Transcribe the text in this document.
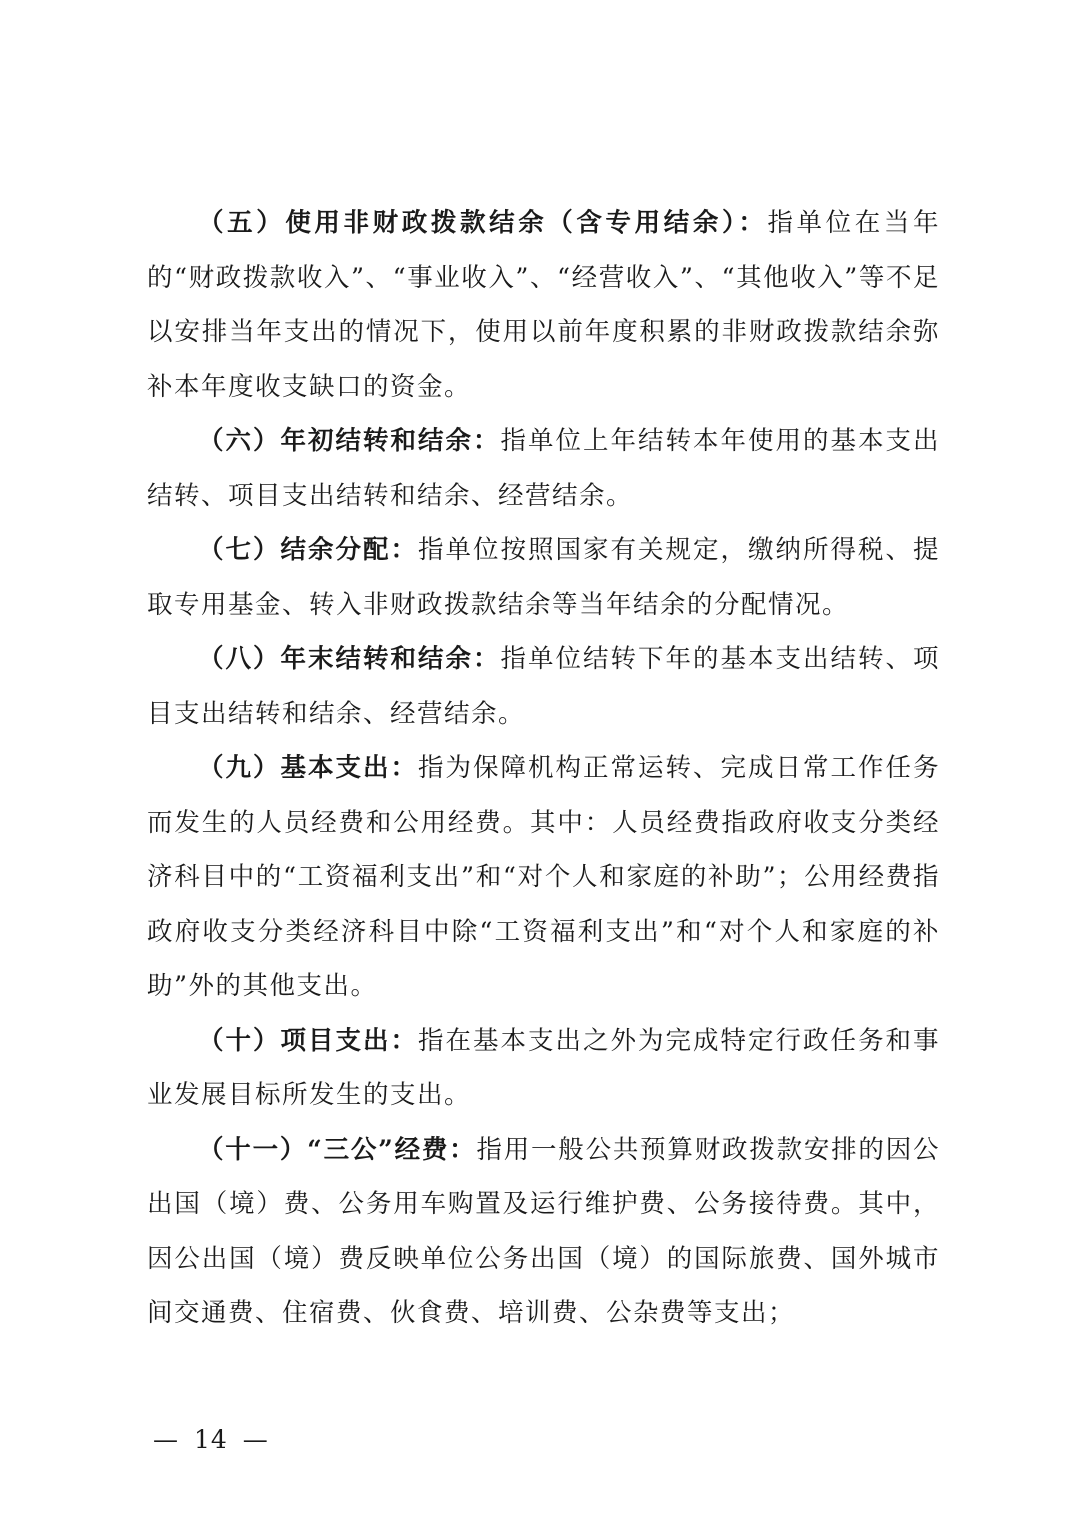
（五）使用非财政拨款结余（含专用结余）：指单位在当年的“财政拨款收入”、“事业收入”、“经营收入”、“其他收入”等不足以安排当年支出的情况下，使用以前年度积累的非财政拨款结余弥补本年度收支缺口的资金。

（六）年初结转和结余：指单位上年结转本年使用的基本支出结转、项目支出结转和结余、经营结余。

（七）结余分配：指单位按照国家有关规定，缴纳所得税、提取专用基金、转入非财政拨款结余等当年结余的分配情况。

（八）年末结转和结余：指单位结转下年的基本支出结转、项目支出结转和结余、经营结余。

（九）基本支出：指为保障机构正常运转、完成日常工作任务而发生的人员经费和公用经费。其中：人员经费指政府收支分类经济科目中的“工资福利支出”和“对个人和家庭的补助”；公用经费指政府收支分类经济科目中除“工资福利支出”和“对个人和家庭的补助”外的其他支出。

（十）项目支出：指在基本支出之外为完成特定行政任务和事业发展目标所发生的支出。

（十一）“三公”经费：指用一般公共预算财政拨款安排的因公出国（境）费、公务用车购置及运行维护费、公务接待费。其中，因公出国（境）费反映单位公务出国（境）的国际旅费、国外城市间交通费、住宿费、伙食费、培训费、公杂费等支出；

— 14 —
